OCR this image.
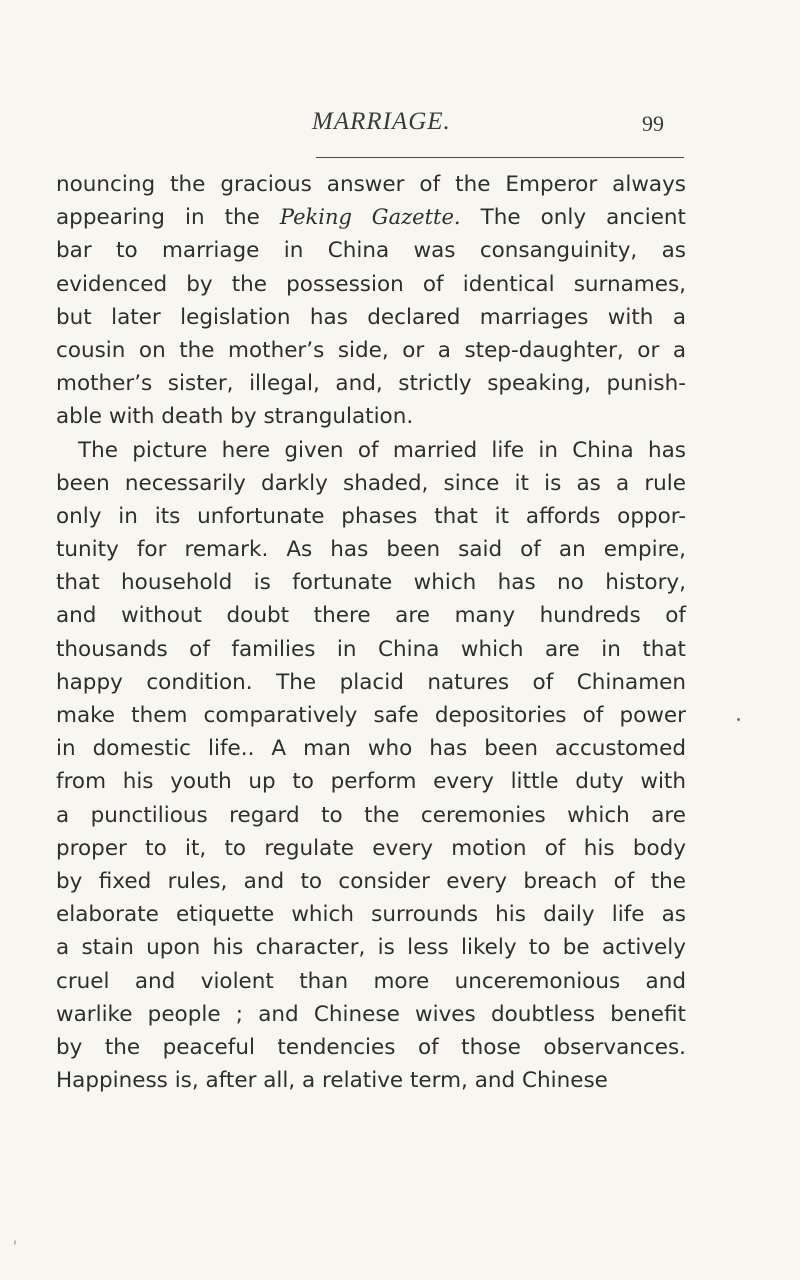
MARRIAGE.	99
nouncing the gracious answer of the Emperor always
appearing in the Peking Gazette. The only ancient
bar to marriage in China was consanguinity, as
evidenced by the possession of identical surnames,
but later legislation has declared marriages with a
cousin on the mother’s side, or a step-daughter, or a
mother’s sister, illegal, and, strictly speaking, punish-
able with death by strangulation.
The picture here given of married life in China has
been necessarily darkly shaded, since it is as a rule
only in its unfortunate phases that it affords oppor-
tunity for remark. As has been said of an empire,
that household is fortunate which has no history,
and without doubt there are many hundreds of
thousands of families in China which are in that
happy condition. The placid natures of Chinamen
make them comparatively safe depositories of power
in domestic life.. A man who has been accustomed
from his youth up to perform every little duty with
a punctilious regard to the ceremonies which are
proper to it, to regulate every motion of his body
by fixed rules, and to consider every breach of the
elaborate etiquette which surrounds his daily life as
a stain upon his character, is less likely to be actively
cruel and violent than more unceremonious and
warlike people ; and Chinese wives doubtless benefit
by the peaceful tendencies of those observances.
Happiness is, after all, a relative term, and Chinese
